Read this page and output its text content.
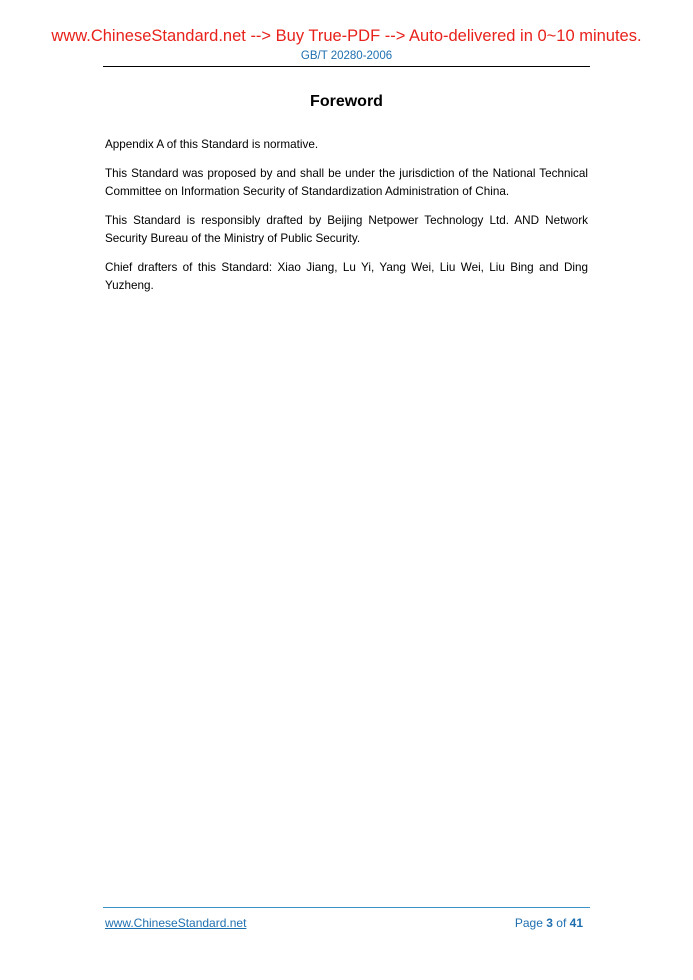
www.ChineseStandard.net --> Buy True-PDF --> Auto-delivered in 0~10 minutes.
GB/T 20280-2006
Foreword

Appendix A of this Standard is normative.

This Standard was proposed by and shall be under the jurisdiction of the National Technical Committee on Information Security of Standardization Administration of China.

This Standard is responsibly drafted by Beijing Netpower Technology Ltd. AND Network Security Bureau of the Ministry of Public Security.

Chief drafters of this Standard: Xiao Jiang, Lu Yi, Yang Wei, Liu Wei, Liu Bing and Ding Yuzheng.

www.ChineseStandard.net	Page 3 of 41
